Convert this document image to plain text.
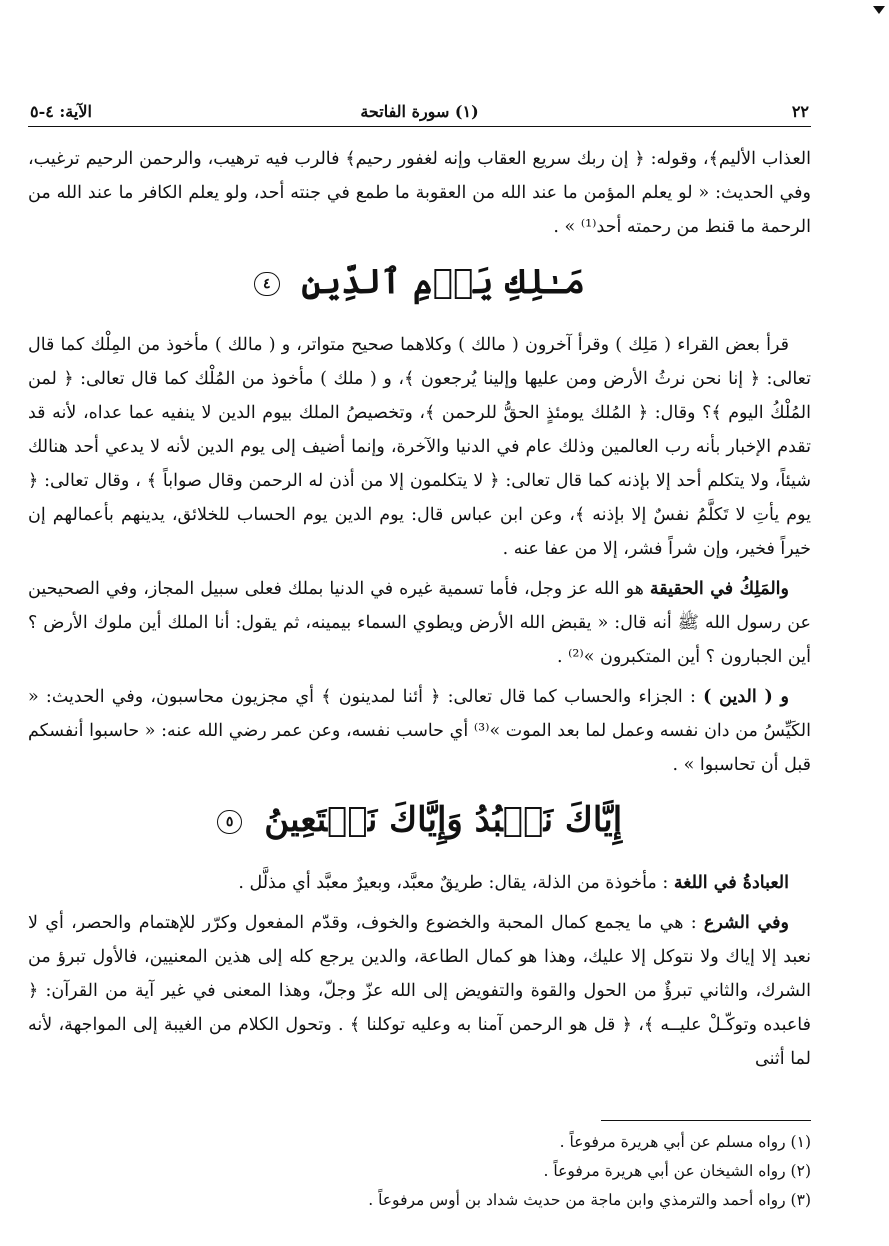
٢٢
(١) سورة الفاتحة
الآية: ٤-٥

العذاب الأليم﴾، وقوله: ﴿ إن ربك سريع العقاب وإنه لغفور رحيم﴾ فالرب فيه ترهيب، والرحمن الرحيم ترغيب، وفي الحديث: « لو يعلم المؤمن ما عند الله من العقوبة ما طمع في جنته أحد، ولو يعلم الكافر ما عند الله من الرحمة ما قنط من رحمته أحد⁽¹⁾ » .

مَـٰلِكِ يَوۡمِ ٱلدِّينِ ٤

قرأ بعض القراء ( مَلِك ) وقرأ آخرون ( مالك ) وكلاهما صحيح متواتر، و ( مالك ) مأخوذ من المِلْك كما قال تعالى: ﴿ إنا نحن نرثُ الأرض ومن عليها وإلينا يُرجعون ﴾، و ( ملك ) مأخوذ من المُلْك كما قال تعالى: ﴿ لمن المُلْكُ اليوم ﴾؟ وقال: ﴿ المُلك يومئذٍ الحقُّ للرحمن ﴾، وتخصيصُ الملك بيوم الدين لا ينفيه عما عداه، لأنه قد تقدم الإخبار بأنه رب العالمين وذلك عام في الدنيا والآخرة، وإنما أضيف إلى يوم الدين لأنه لا يدعي أحد هنالك شيئاً، ولا يتكلم أحد إلا بإذنه كما قال تعالى: ﴿ لا يتكلمون إلا من أذن له الرحمن وقال صواباً ﴾ ، وقال تعالى: ﴿ يوم يأتِ لا تَكلَّمُ نفسٌ إلا بإذنه ﴾، وعن ابن عباس قال: يوم الدين يوم الحساب للخلائق، يدينهم بأعمالهم إن خيراً فخير، وإن شراً فشر، إلا من عفا عنه .

والمَلِكُ في الحقيقة هو الله عز وجل، فأما تسمية غيره في الدنيا بملك فعلى سبيل المجاز، وفي الصحيحين عن رسول الله ﷺ أنه قال: « يقبض الله الأرض ويطوي السماء بيمينه، ثم يقول: أنا الملك أين ملوك الأرض ؟ أين الجبارون ؟ أين المتكبرون »⁽²⁾ .

و ( الدين ) : الجزاء والحساب كما قال تعالى: ﴿ أئنا لمدينون ﴾ أي مجزيون محاسبون، وفي الحديث: « الكَيِّسُ من دان نفسه وعمل لما بعد الموت »⁽³⁾ أي حاسب نفسه، وعن عمر رضي الله عنه: « حاسبوا أنفسكم قبل أن تحاسبوا » .

إِيَّاكَ نَعۡبُدُ وَإِيَّاكَ نَسۡتَعِينُ ٥

العبادةُ في اللغة : مأخوذة من الذلة، يقال: طريقٌ معبَّد، وبعيرٌ معبَّد أي مذلَّل .

وفي الشرع : هي ما يجمع كمال المحبة والخضوع والخوف، وقدّم المفعول وكرّر للإهتمام والحصر، أي لا نعبد إلا إياك ولا نتوكل إلا عليك، وهذا هو كمال الطاعة، والدين يرجع كله إلى هذين المعنيين، فالأول تبرؤ من الشرك، والثاني تبرؤٌ من الحول والقوة والتفويض إلى الله عزّ وجلّ، وهذا المعنى في غير آية من القرآن: ﴿ فاعبده وتوكّـلْ عليــه ﴾، ﴿ قل هو الرحمن آمنا به وعليه توكلنا ﴾ . وتحول الكلام من الغيبة إلى المواجهة، لأنه لما أثنى

(١) رواه مسلم عن أبي هريرة مرفوعاً .
(٢) رواه الشيخان عن أبي هريرة مرفوعاً .
(٣) رواه أحمد والترمذي وابن ماجة من حديث شداد بن أوس مرفوعاً .
